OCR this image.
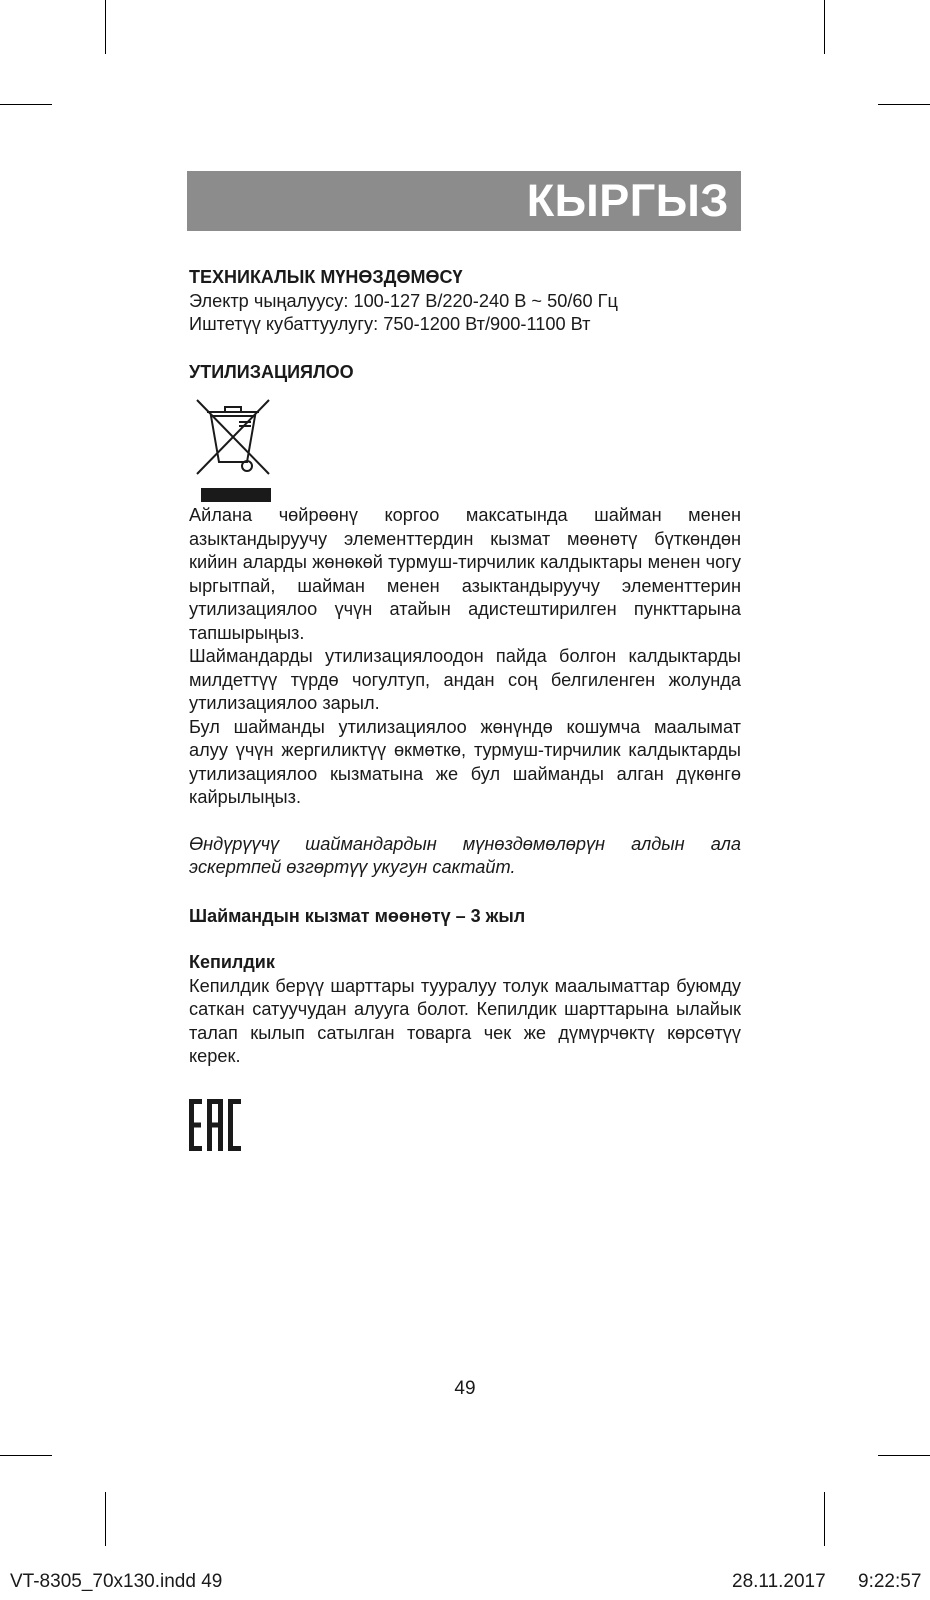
КЫРГЫЗ

ТЕХНИКАЛЫК МҮНӨЗДӨМӨСҮ

Электр чыңалуусу: 100-127 В/220-240 В ~ 50/60 Гц

Иштетүү кубаттуулугу: 750-1200 Вт/900-1100 Вт

УТИЛИЗАЦИЯЛОО

Айлана чөйрөөнү коргоо максатында шайман менен азыктандыруучу элементтердин кызмат мөөнөтү бүткөндөн кийин аларды жөнөкөй турмуш-тирчилик калдыктары менен чогу ыргытпай, шайман менен азыктандыруучу элементтерин утилизациялоо үчүн атайын адистештирилген пункттарына тапшырыңыз.

Шаймандарды утилизациялоодон пайда болгон калдыктарды милдеттүү түрдө чогултуп, андан соң белгиленген жолунда утилизациялоо зарыл.

Бул шайманды утилизациялоо жөнүндө кошумча маалымат алуу үчүн жергиликтүү өкмөткө, турмуш-тирчилик калдыктарды утилизациялоо кызматына же бул шайманды алган дүкөнгө кайрылыңыз.

Өндүрүүчү шаймандардын мүнөздөмөлөрүн алдын ала эскертпей өзгөртүү укугун сактайт.

Шаймандын кызмат мөөнөтү – 3 жыл

Кепилдик

Кепилдик берүү шарттары тууралуу толук маалыматтар буюмду саткан сатуучудан алууга болот. Кепилдик шарттарына ылайык талап кылып сатылган товарга чек же дүмүрчөктү көрсөтүү керек.

49
VT-8305_70x130.indd 49	28.11.2017 9:22:57
